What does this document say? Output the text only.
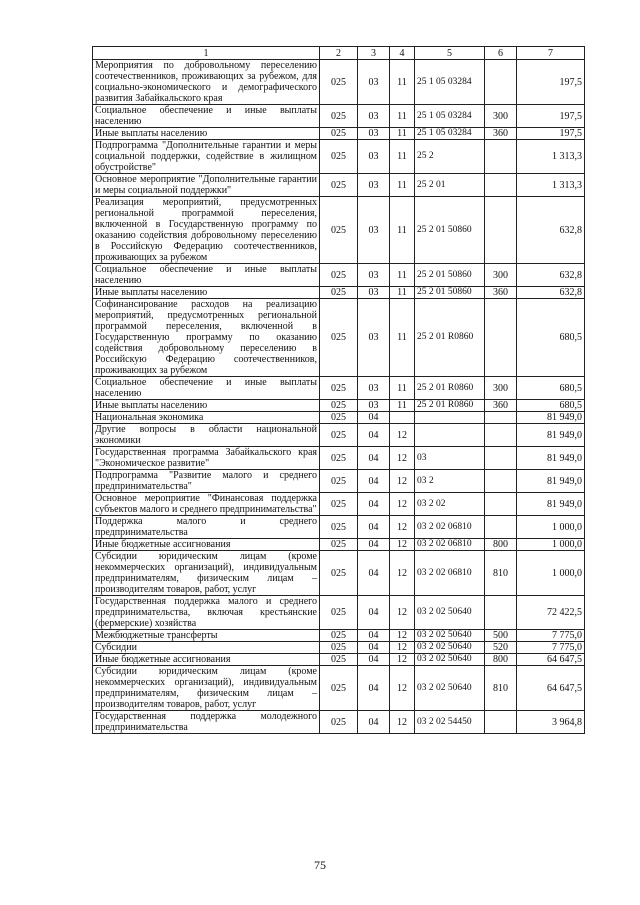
1	2	3	4	5	6	7
Мероприятия по добровольному переселению соотечественников, проживающих за рубежом, для социально-экономического и демографического развития Забайкальского края	025	03	11	25 1 05 03284		197,5
Социальное обеспечение и иные выплаты населению	025	03	11	25 1 05 03284	300	197,5
Иные выплаты населению	025	03	11	25 1 05 03284	360	197,5
Подпрограмма "Дополнительные гарантии и меры социальной поддержки, содействие в жилищном обустройстве"	025	03	11	25 2		1 313,3
Основное мероприятие "Дополнительные гарантии и меры социальной поддержки"	025	03	11	25 2 01		1 313,3
Реализация мероприятий, предусмотренных региональной программой переселения, включенной в Государственную программу по оказанию содействия добровольному переселению в Российскую Федерацию соотечественников, проживающих за рубежом	025	03	11	25 2 01 50860		632,8
Социальное обеспечение и иные выплаты населению	025	03	11	25 2 01 50860	300	632,8
Иные выплаты населению	025	03	11	25 2 01 50860	360	632,8
Софинансирование расходов на реализацию мероприятий, предусмотренных региональной программой переселения, включенной в Государственную программу по оказанию содействия добровольному переселению в Российскую Федерацию соотечественников, проживающих за рубежом	025	03	11	25 2 01 R0860		680,5
Социальное обеспечение и иные выплаты населению	025	03	11	25 2 01 R0860	300	680,5
Иные выплаты населению	025	03	11	25 2 01 R0860	360	680,5
Национальная экономика	025	04				81 949,0
Другие вопросы в области национальной экономики	025	04	12			81 949,0
Государственная программа Забайкальского края "Экономическое развитие"	025	04	12	03		81 949,0
Подпрограмма "Развитие малого и среднего предпринимательства"	025	04	12	03 2		81 949,0
Основное мероприятие "Финансовая поддержка субъектов малого и среднего предпринимательства"	025	04	12	03 2 02		81 949,0
Поддержка малого и среднего предпринимательства	025	04	12	03 2 02 06810		1 000,0
Иные бюджетные ассигнования	025	04	12	03 2 02 06810	800	1 000,0
Субсидии юридическим лицам (кроме некоммерческих организаций), индивидуальным предпринимателям, физическим лицам – производителям товаров, работ, услуг	025	04	12	03 2 02 06810	810	1 000,0
Государственная поддержка малого и среднего предпринимательства, включая крестьянские (фермерские) хозяйства	025	04	12	03 2 02 50640		72 422,5
Межбюджетные трансферты	025	04	12	03 2 02 50640	500	7 775,0
Субсидии	025	04	12	03 2 02 50640	520	7 775,0
Иные бюджетные ассигнования	025	04	12	03 2 02 50640	800	64 647,5
Субсидии юридическим лицам (кроме некоммерческих организаций), индивидуальным предпринимателям, физическим лицам – производителям товаров, работ, услуг	025	04	12	03 2 02 50640	810	64 647,5
Государственная поддержка молодежного предпринимательства	025	04	12	03 2 02 54450		3 964,8
75
